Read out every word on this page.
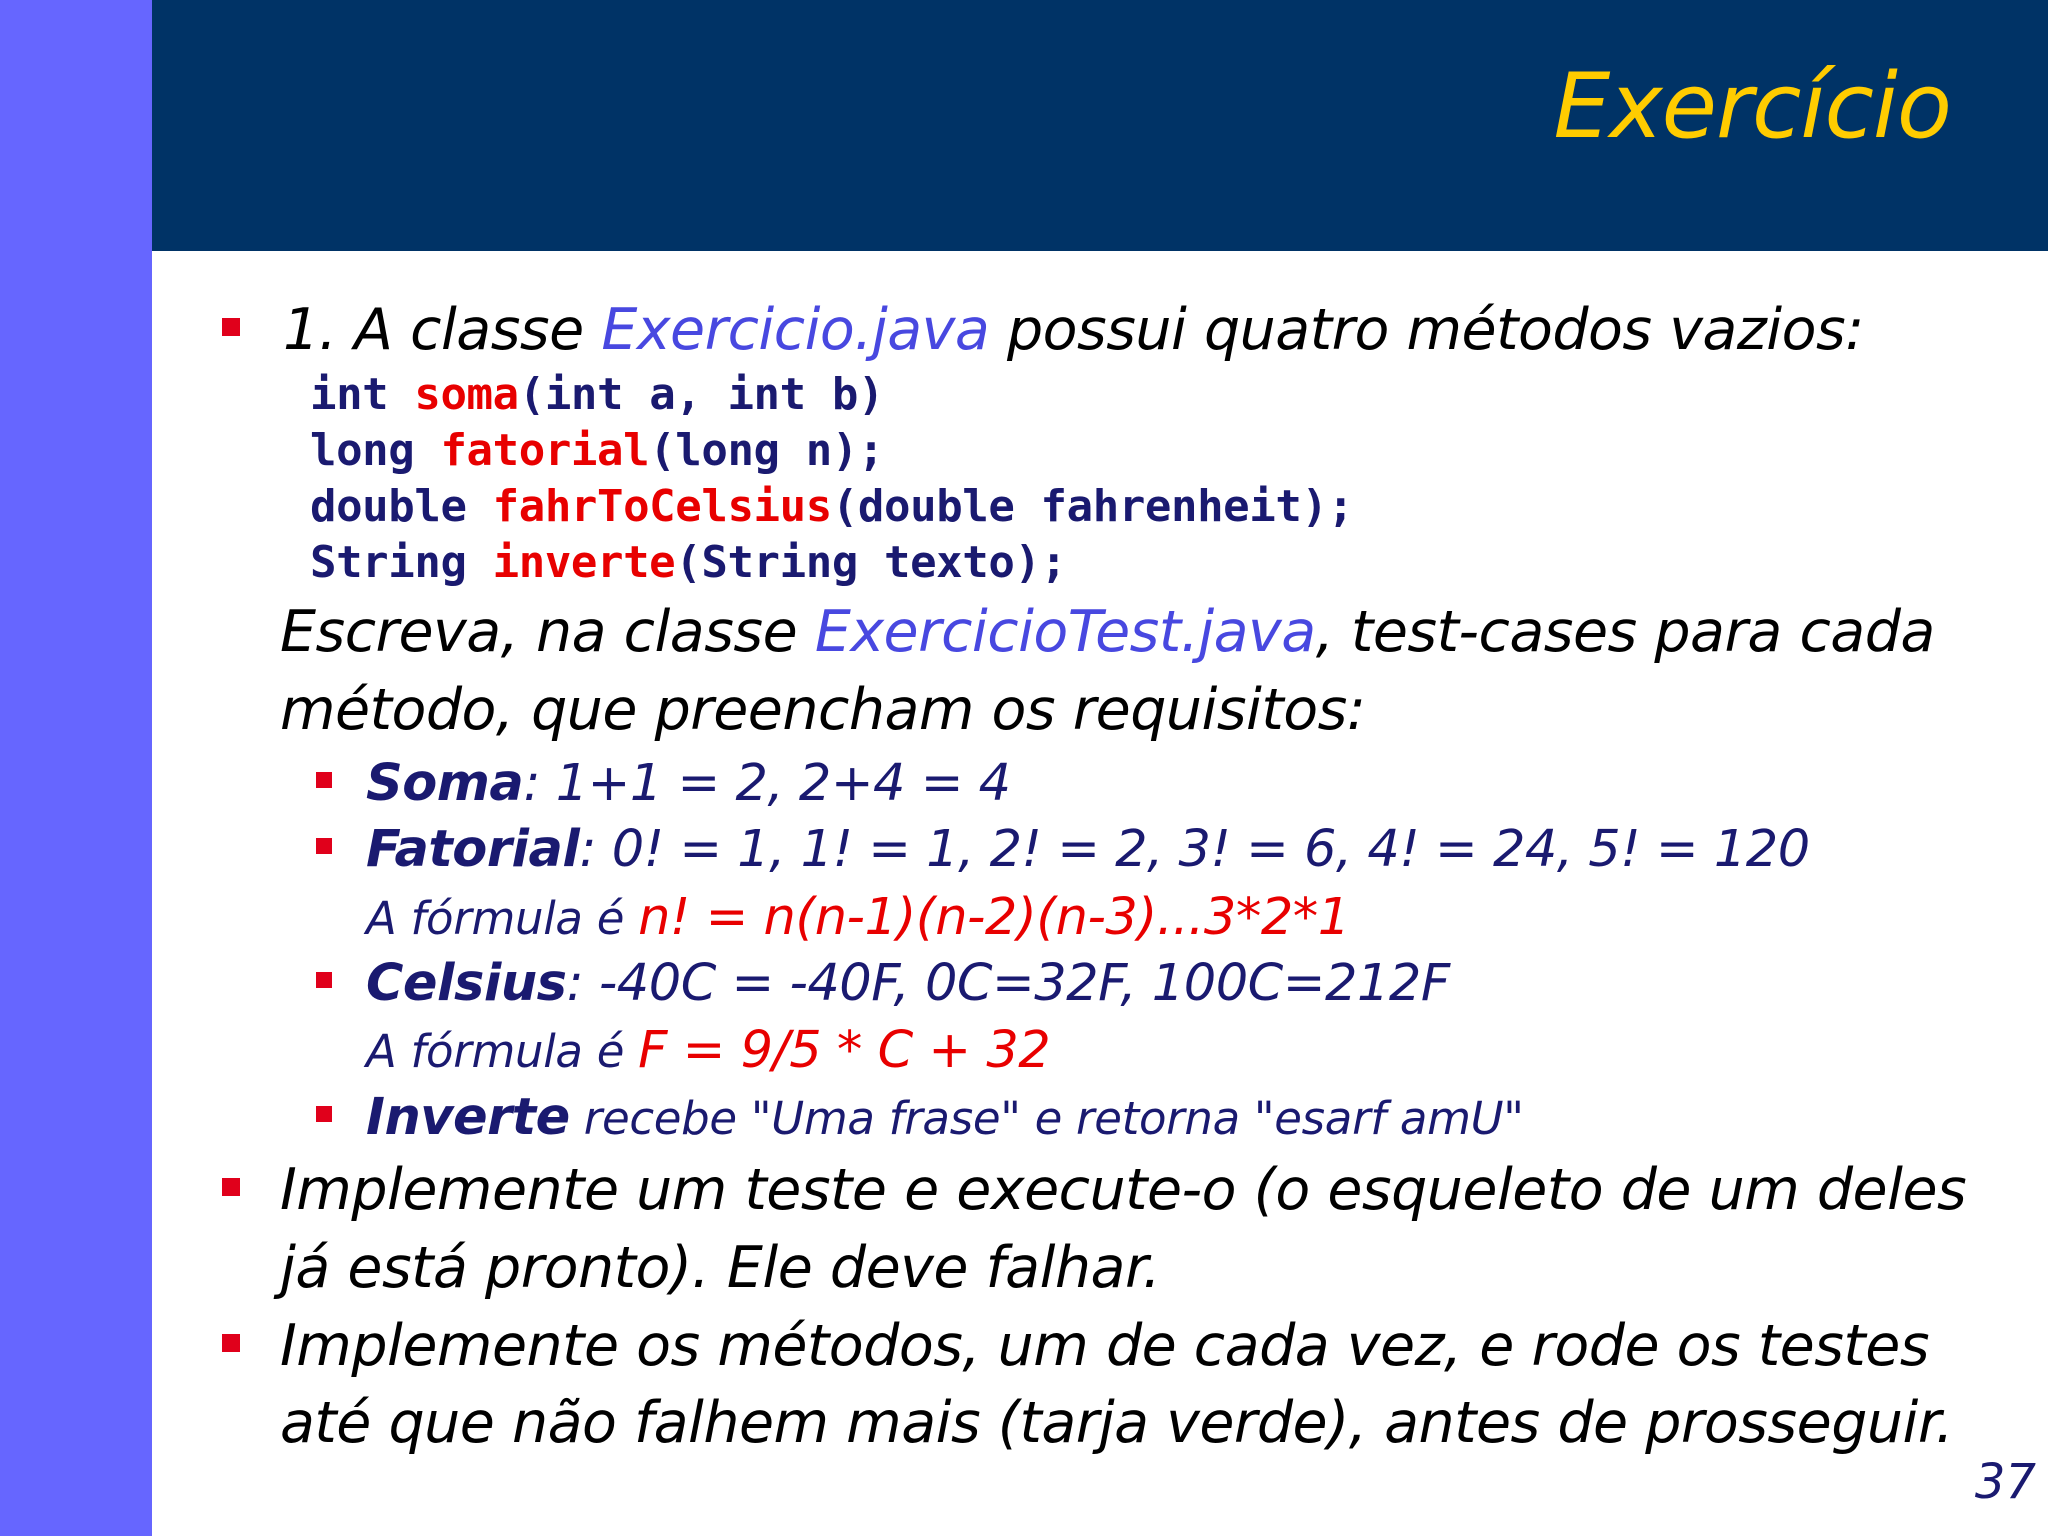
Exercício
1. A classe Exercicio.java possui quatro métodos vazios:
int soma(int a, int b)
long fatorial(long n);
double fahrToCelsius(double fahrenheit);
String inverte(String texto);
Escreva, na classe ExercicioTest.java, test-cases para cada
método, que preencham os requisitos:
Soma: 1+1 = 2, 2+4 = 4
Fatorial: 0! = 1, 1! = 1, 2! = 2, 3! = 6, 4! = 24, 5! = 120
A fórmula é n! = n(n-1)(n-2)(n-3)...3*2*1
Celsius: -40C = -40F, 0C=32F, 100C=212F
A fórmula é F = 9/5 * C + 32
Inverte recebe "Uma frase" e retorna "esarf amU"
Implemente um teste e execute-o (o esqueleto de um deles
já está pronto). Ele deve falhar.
Implemente os métodos, um de cada vez, e rode os testes
até que não falhem mais (tarja verde), antes de prosseguir.
37
